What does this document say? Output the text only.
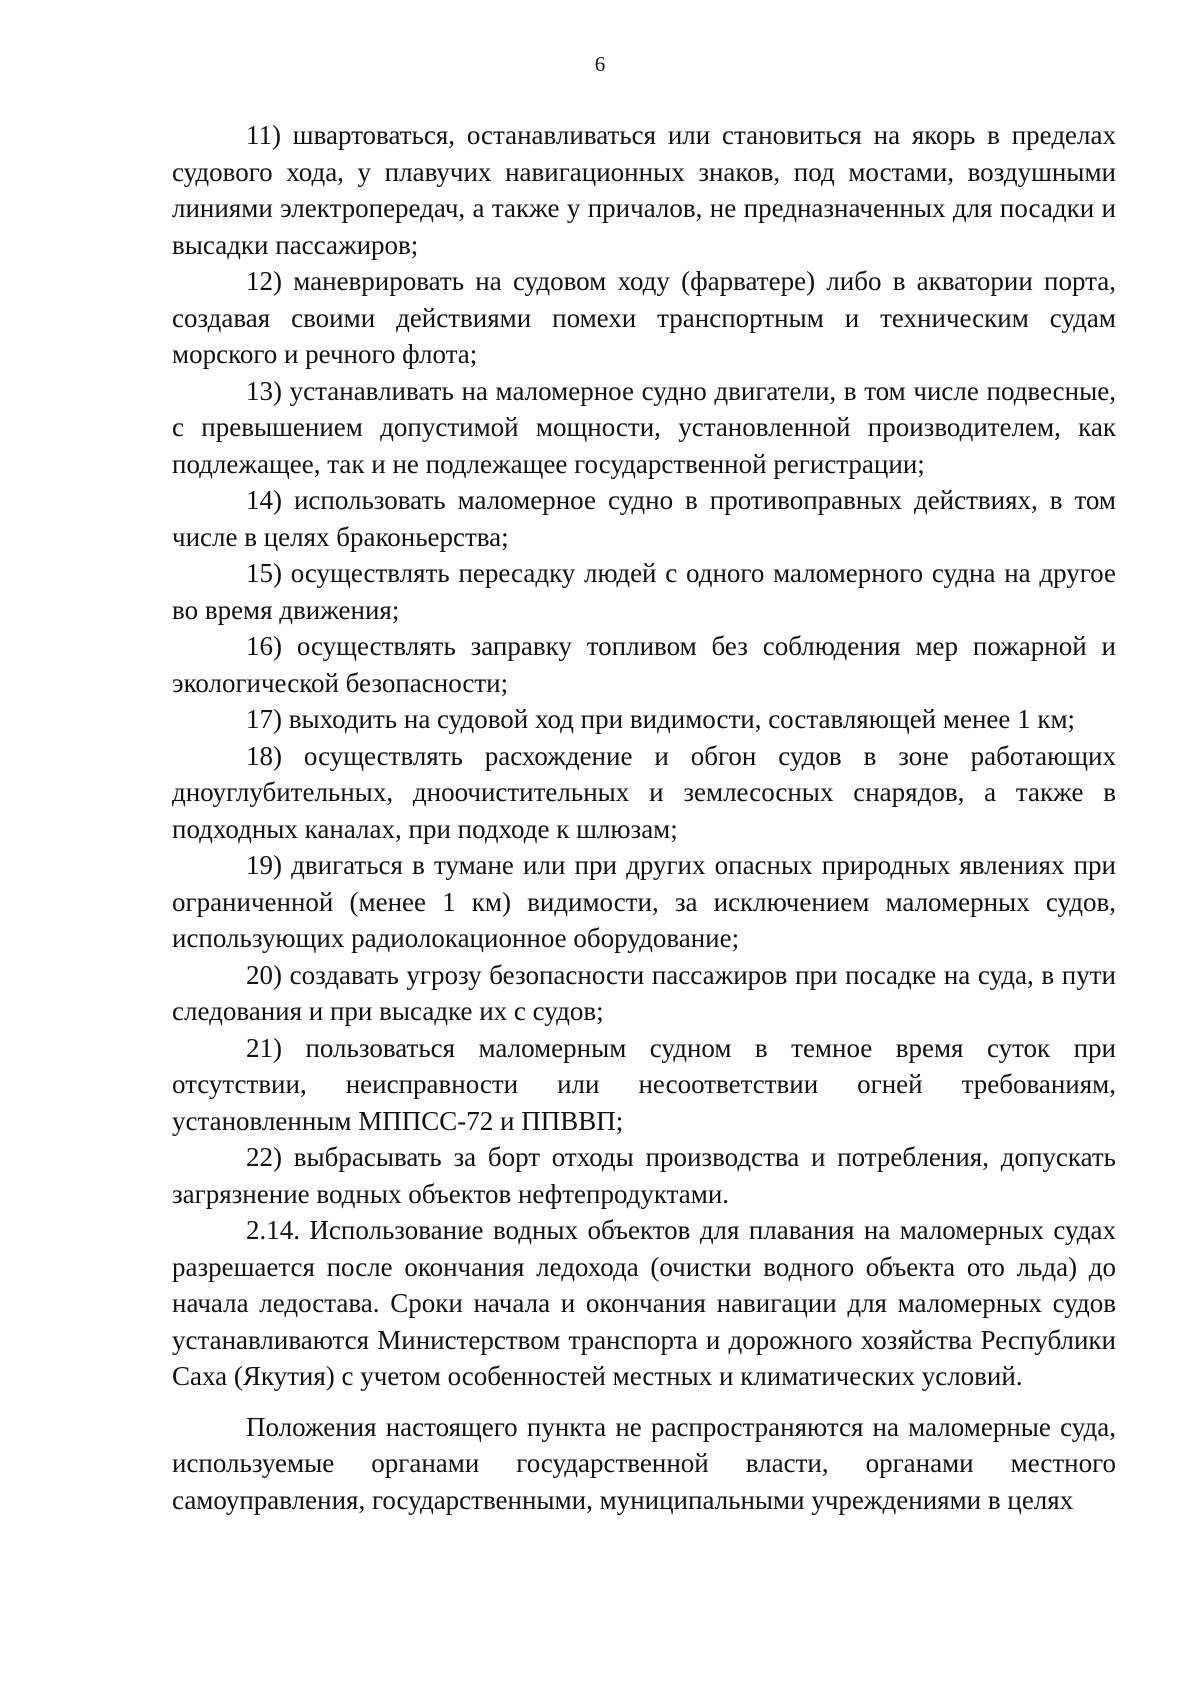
6

11) швартоваться, останавливаться или становиться на якорь в пределах судового хода, у плавучих навигационных знаков, под мостами, воздушными линиями электропередач, а также у причалов, не предназначенных для посадки и высадки пассажиров;

12) маневрировать на судовом ходу (фарватере) либо в акватории порта, создавая своими действиями помехи транспортным и техническим судам морского и речного флота;

13) устанавливать на маломерное судно двигатели, в том числе подвесные, с превышением допустимой мощности, установленной производителем, как подлежащее, так и не подлежащее государственной регистрации;

14) использовать маломерное судно в противоправных действиях, в том числе в целях браконьерства;

15) осуществлять пересадку людей с одного маломерного судна на другое во время движения;

16) осуществлять заправку топливом без соблюдения мер пожарной и экологической безопасности;

17) выходить на судовой ход при видимости, составляющей менее 1 км;

18) осуществлять расхождение и обгон судов в зоне работающих дноуглубительных, дноочистительных и землесосных снарядов, а также в подходных каналах, при подходе к шлюзам;

19) двигаться в тумане или при других опасных природных явлениях при ограниченной (менее 1 км) видимости, за исключением маломерных судов, использующих радиолокационное оборудование;

20) создавать угрозу безопасности пассажиров при посадке на суда, в пути следования и при высадке их с судов;

21) пользоваться маломерным судном в темное время суток при отсутствии, неисправности или несоответствии огней требованиям, установленным МППСС-72 и ППВВП;

22) выбрасывать за борт отходы производства и потребления, допускать загрязнение водных объектов нефтепродуктами.

2.14. Использование водных объектов для плавания на маломерных судах разрешается после окончания ледохода (очистки водного объекта ото льда) до начала ледостава. Сроки начала и окончания навигации для маломерных судов устанавливаются Министерством транспорта и дорожного хозяйства Республики Саха (Якутия) с учетом особенностей местных и климатических условий.

Положения настоящего пункта не распространяются на маломерные суда, используемые органами государственной власти, органами местного самоуправления, государственными, муниципальными учреждениями в целях
